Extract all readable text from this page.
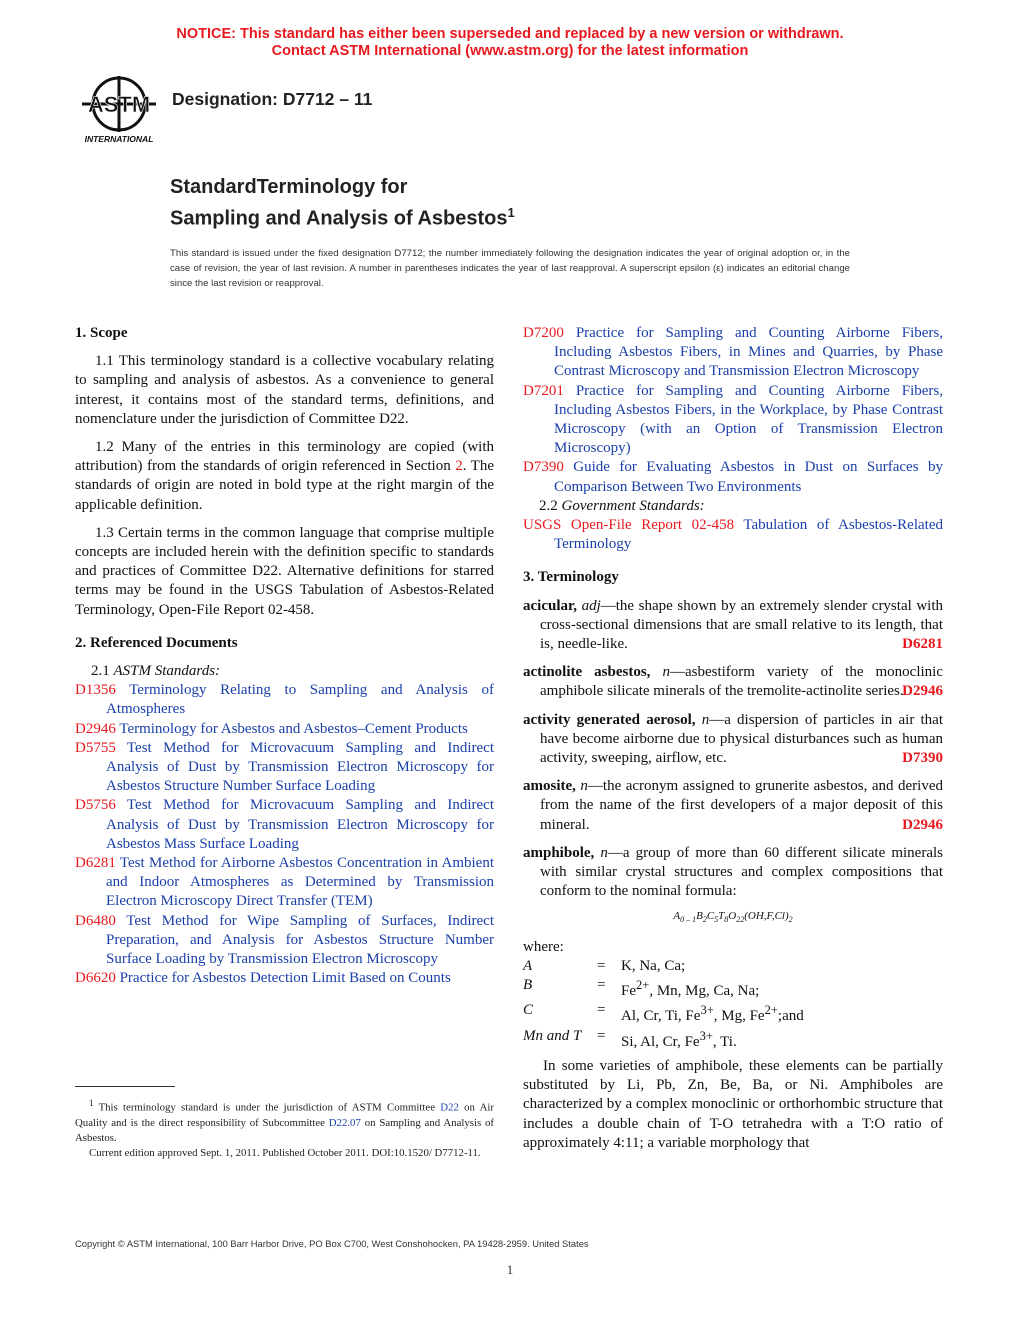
NOTICE: This standard has either been superseded and replaced by a new version or withdrawn.
Contact ASTM International (www.astm.org) for the latest information
ASTM
INTERNATIONAL
Designation: D7712 – 11
StandardTerminology for
Sampling and Analysis of Asbestos$^1$
This standard is issued under the fixed designation D7712; the number immediately following the designation indicates the year of original adoption or, in the case of revision, the year of last revision. A number in parentheses indicates the year of last reapproval. A superscript epsilon (ε) indicates an editorial change since the last revision or reapproval.

1. Scope

1.1 This terminology standard is a collective vocabulary relating to sampling and analysis of asbestos. As a convenience to general interest, it contains most of the standard terms, definitions, and nomenclature under the jurisdiction of Committee D22.

1.2 Many of the entries in this terminology are copied (with attribution) from the standards of origin referenced in Section 2. The standards of origin are noted in bold type at the right margin of the applicable definition.

1.3 Certain terms in the common language that comprise multiple concepts are included herein with the definition specific to standards and practices of Committee D22. Alternative definitions for starred terms may be found in the USGS Tabulation of Asbestos-Related Terminology, Open-File Report 02-458.

2. Referenced Documents

2.1 ASTM Standards:

D1356 Terminology Relating to Sampling and Analysis of Atmospheres

D2946 Terminology for Asbestos and Asbestos–Cement Products

D5755 Test Method for Microvacuum Sampling and Indirect Analysis of Dust by Transmission Electron Microscopy for Asbestos Structure Number Surface Loading

D5756 Test Method for Microvacuum Sampling and Indirect Analysis of Dust by Transmission Electron Microscopy for Asbestos Mass Surface Loading

D6281 Test Method for Airborne Asbestos Concentration in Ambient and Indoor Atmospheres as Determined by Transmission Electron Microscopy Direct Transfer (TEM)

D6480 Test Method for Wipe Sampling of Surfaces, Indirect Preparation, and Analysis for Asbestos Structure Number Surface Loading by Transmission Electron Microscopy

D6620 Practice for Asbestos Detection Limit Based on Counts

D7200 Practice for Sampling and Counting Airborne Fibers, Including Asbestos Fibers, in Mines and Quarries, by Phase Contrast Microscopy and Transmission Electron Microscopy

D7201 Practice for Sampling and Counting Airborne Fibers, Including Asbestos Fibers, in the Workplace, by Phase Contrast Microscopy (with an Option of Transmission Electron Microscopy)

D7390 Guide for Evaluating Asbestos in Dust on Surfaces by Comparison Between Two Environments

2.2 Government Standards:

USGS Open-File Report 02-458 Tabulation of Asbestos-Related Terminology

3. Terminology

acicular, adj—the shape shown by an extremely slender crystal with cross-sectional dimensions that are small relative to its length, that is, needle-like.	D6281

actinolite asbestos, n—asbestiform variety of the monoclinic amphibole silicate minerals of the tremolite-actinolite series.
D2946

activity generated aerosol, n—a dispersion of particles in air that have become airborne due to physical disturbances such as human activity, sweeping, airflow, etc.	D7390

amosite, n—the acronym assigned to grunerite asbestos, and derived from the name of the first developers of a major deposit of this mineral.	D2946

amphibole, n—a group of more than 60 different silicate minerals with similar crystal structures and complex compositions that conform to the nominal formula:

$A_{0 - 1}B_2C_5T_8O_{22}(OH,F,Cl)_2$

where:

A	=	K, Na, Ca;
B	=	$Fe^{2+}$, Mn, Mg, Ca, Na;
C	=	Al, Cr, Ti, $Fe^{3+}$, Mg, $Fe^{2+};and$
Mn and T	=	Si, Al, Cr, $Fe^{3+}$, Ti.

In some varieties of amphibole, these elements can be partially substituted by Li, Pb, Zn, Be, Ba, or Ni. Amphiboles are characterized by a complex monoclinic or orthorhombic structure that includes a double chain of T-O tetrahedra with a T:O ratio of approximately 4:11; a variable morphology that

$^1$ This terminology standard is under the jurisdiction of ASTM Committee D22 on Air Quality and is the direct responsibility of Subcommittee D22.07 on Sampling and Analysis of Asbestos.

Current edition approved Sept. 1, 2011. Published October 2011. DOI:10.1520/ D7712-11.

Copyright © ASTM International, 100 Barr Harbor Drive, PO Box C700, West Conshohocken, PA 19428-2959. United States
1
